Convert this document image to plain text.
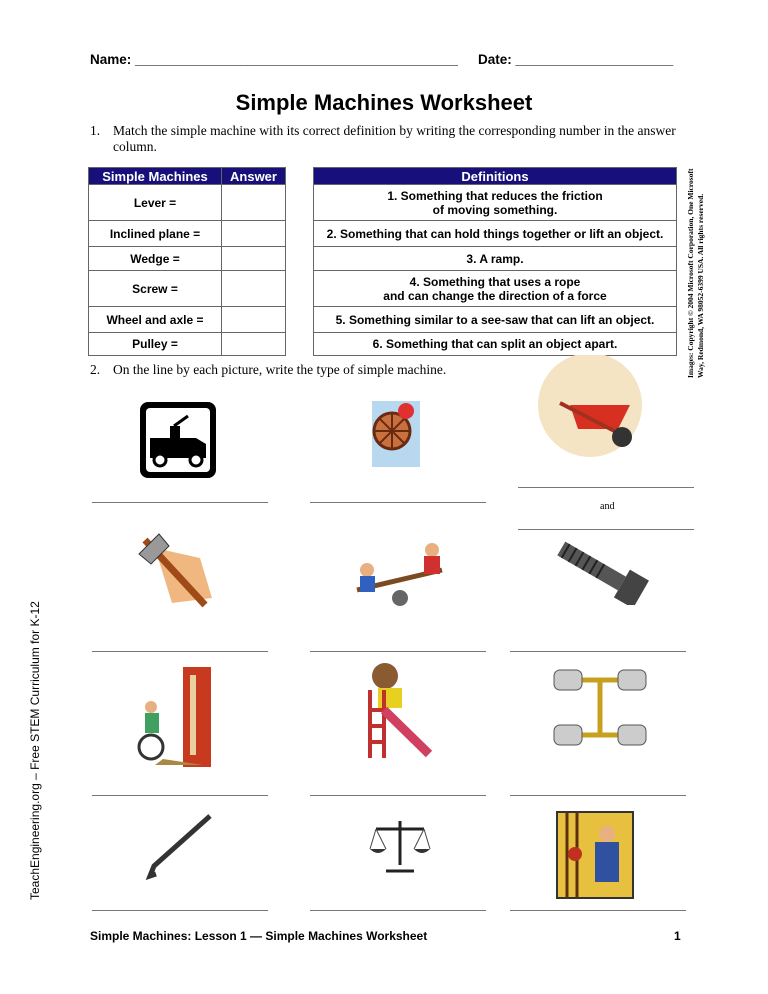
Name: ___________________________________________ Date: _____________________
Simple Machines Worksheet
1. Match the simple machine with its correct definition by writing the corresponding number in the answer column.
Simple Machines	Answer
Lever =	
Inclined plane =	
Wedge =	
Screw =	
Wheel and axle =	
Pulley =	
Definitions
1. Something that reduces the friction
of moving something.
2. Something that can hold things together or lift an object.
3. A ramp.
4. Something that uses a rope
and can change the direction of a force
5. Something similar to a see-saw that can lift an object.
6. Something that can split an object apart.	Images: Copyright © 2004 Microsoft Corporation, One Microsoft Way, Redmond, WA 98052-6399 USA. All rights reserved.
2. On the line by each picture, write the type of simple machine.
TeachEngineering.org – Free STEM Curriculum for K-12
and
Simple Machines: Lesson 1 — Simple Machines Worksheet	1
